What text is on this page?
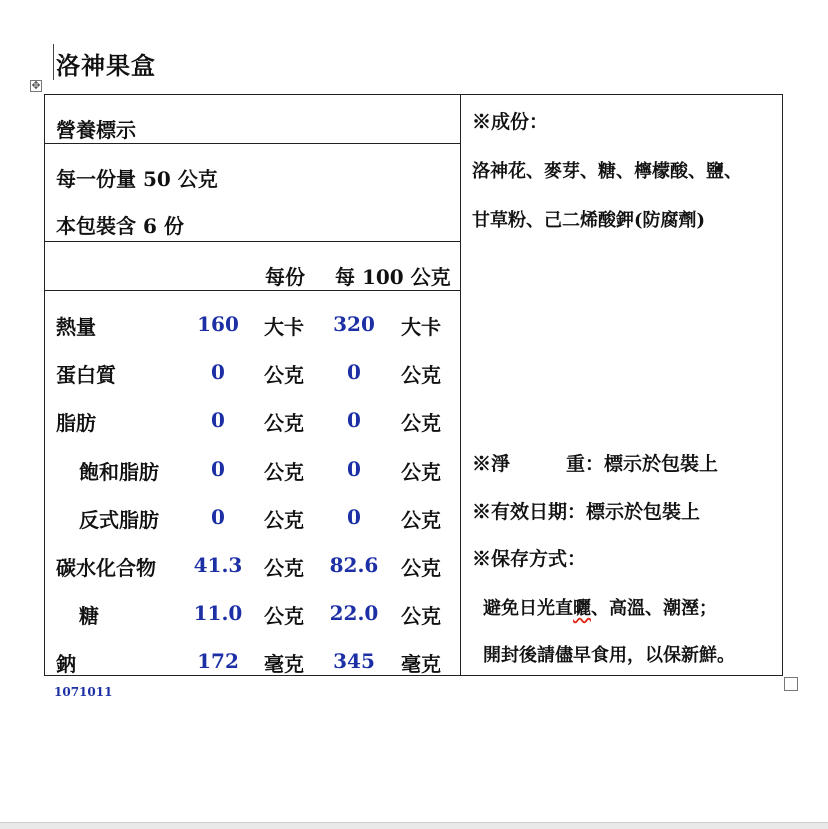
洛神果盒
✥
營養標示
每一份量 50 公克
本包裝含 6 份
每份 每 100 公克
熱量	160	大卡	320	大卡
蛋白質	0	公克	0	公克
脂肪	0	公克	0	公克
飽和脂肪	0	公克	0	公克
反式脂肪	0	公克	0	公克
碳水化合物	41.3	公克	82.6	公克
糖	11.0	公克	22.0	公克
鈉	172	毫克	345	毫克
※成份：
洛神花、麥芽、糖、檸檬酸、鹽、
甘草粉、己二烯酸鉀(防腐劑)
※淨	重：標示於包裝上
※有效日期：標示於包裝上
※保存方式：
避免日光直曬、高溫、潮溼；
開封後請儘早食用，以保新鮮。
1071011
